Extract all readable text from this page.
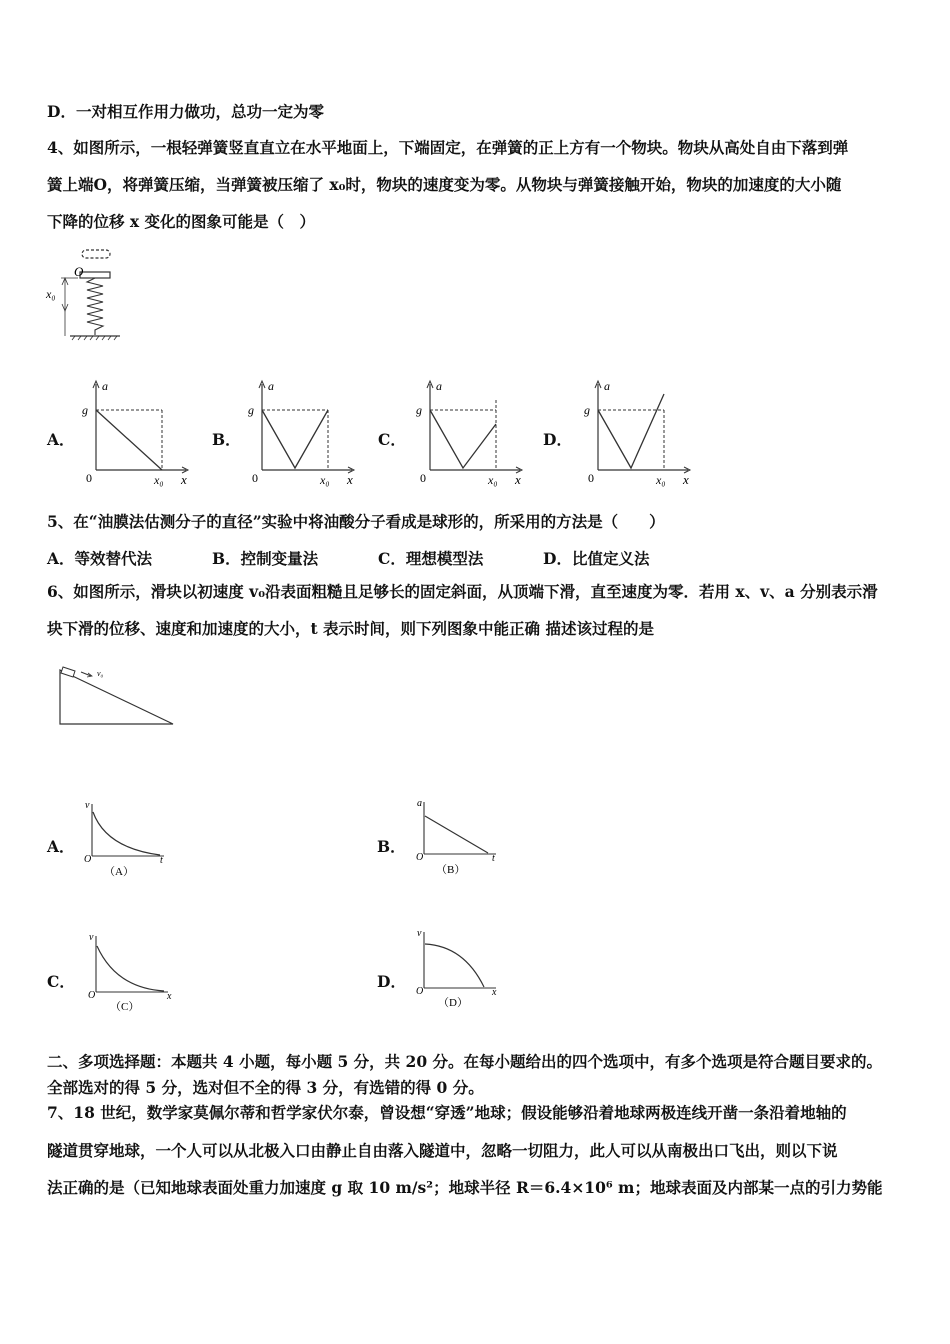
D．一对相互作用力做功，总功一定为零
4、如图所示，一根轻弹簧竖直直立在水平地面上，下端固定，在弹簧的正上方有一个物块。物块从高处自由下落到弹
簧上端O，将弹簧压缩，当弹簧被压缩了 x₀时，物块的速度变为零。从物块与弹簧接触开始，物块的加速度的大小随
下降的位移 x 变化的图象可能是（　）
O
x₀
A．
a
g
0	x₀ x
B．
a
g
0	x₀ x
C．
a
g
0	x₀ x
D．
a
g
0	x₀ x
5、在“油膜法估测分子的直径”实验中将油酸分子看成是球形的，所采用的方法是（　　）
A．等效替代法	B．控制变量法	C．理想模型法	D．比值定义法
6、如图所示，滑块以初速度 v₀沿表面粗糙且足够长的固定斜面，从顶端下滑，直至速度为零．若用 x、v、a 分别表示滑
块下滑的位移、速度和加速度的大小，t 表示时间，则下列图象中能正确 描述该过程的是
v₀
A．
v
O	t
（A）
B．
a
O	t
（B）
C．
v
O	x
（C）
D．
v
O	x
（D）
二、多项选择题：本题共 4 小题，每小题 5 分，共 20 分。在每小题给出的四个选项中，有多个选项是符合题目要求的。
全部选对的得 5 分，选对但不全的得 3 分，有选错的得 0 分。
7、18 世纪，数学家莫佩尔蒂和哲学家伏尔泰，曾设想“穿透”地球；假设能够沿着地球两极连线开凿一条沿着地轴的
隧道贯穿地球，一个人可以从北极入口由静止自由落入隧道中，忽略一切阻力，此人可以从南极出口飞出，则以下说
法正确的是（已知地球表面处重力加速度 g 取 10 m/s²；地球半径 R＝6.4×10⁶ m；地球表面及内部某一点的引力势能
